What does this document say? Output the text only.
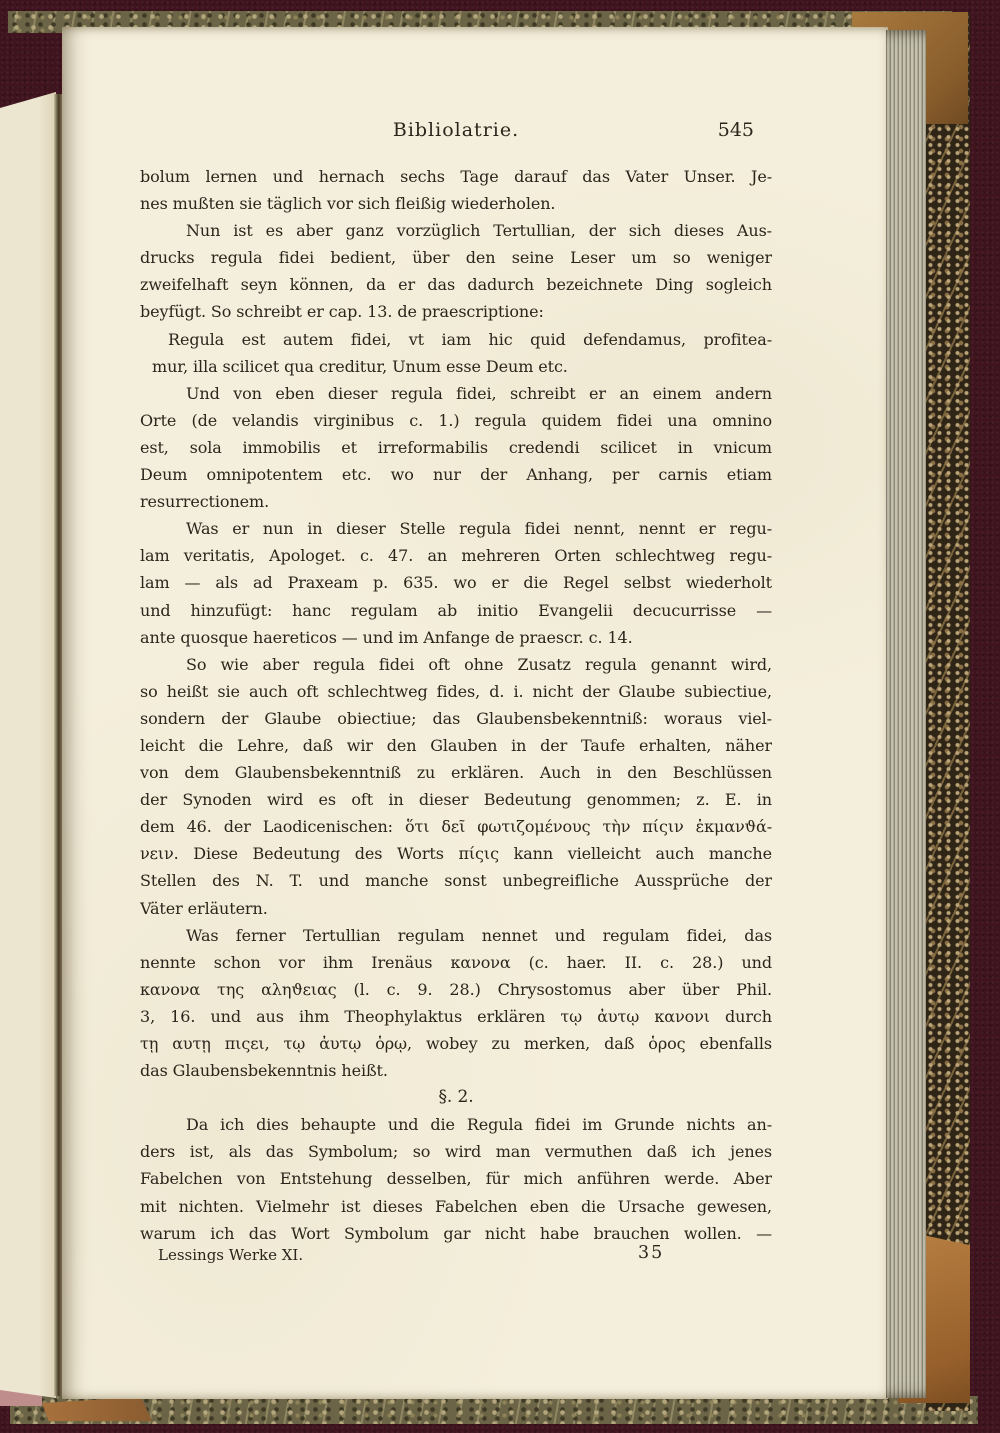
Bibliolatrie.	545
bolum lernen und hernach sechs Tage darauf das Vater Unser. Je-
nes mußten sie täglich vor sich fleißig wiederholen.
Nun ist es aber ganz vorzüglich Tertullian, der sich dieses Aus-
drucks regula fidei bedient, über den seine Leser um so weniger
zweifelhaft seyn können, da er das dadurch bezeichnete Ding sogleich
beyfügt. So schreibt er cap. 13. de praescriptione:
Regula est autem fidei, vt iam hic quid defendamus, profitea-
mur, illa scilicet qua creditur, Unum esse Deum etc.
Und von eben dieser regula fidei, schreibt er an einem andern
Orte (de velandis virginibus c. 1.) regula quidem fidei una omnino
est, sola immobilis et irreformabilis credendi scilicet in vnicum
Deum omnipotentem etc. wo nur der Anhang, per carnis etiam
resurrectionem.
Was er nun in dieser Stelle regula fidei nennt, nennt er regu-
lam veritatis, Apologet. c. 47. an mehreren Orten schlechtweg regu-
lam — als ad Praxeam p. 635. wo er die Regel selbst wiederholt
und hinzufügt: hanc regulam ab initio Evangelii decucurrisse —
ante quosque haereticos — und im Anfange de praescr. c. 14.
So wie aber regula fidei oft ohne Zusatz regula genannt wird,
so heißt sie auch oft schlechtweg fides, d. i. nicht der Glaube subiectiue,
sondern der Glaube obiectiue; das Glaubensbekenntniß: woraus viel-
leicht die Lehre, daß wir den Glauben in der Taufe erhalten, näher
von dem Glaubensbekenntniß zu erklären. Auch in den Beschlüssen
der Synoden wird es oft in dieser Bedeutung genommen; z. E. in
dem 46. der Laodicenischen: ὅτι δεῖ φωτιζομένους τὴν πίςιν ἐκμανϑά-
νειν. Diese Bedeutung des Worts πίςις kann vielleicht auch manche
Stellen des N. T. und manche sonst unbegreifliche Aussprüche der
Väter erläutern.
Was ferner Tertullian regulam nennet und regulam fidei, das
nennte schon vor ihm Irenäus κανονα (c. haer. II. c. 28.) und
κανονα της αληϑειας (l. c. 9. 28.) Chrysostomus aber über Phil.
3, 16. und aus ihm Theophylaktus erklären τῳ ἀυτῳ κανονι durch
τῃ αυτῃ πιςει, τῳ ἀυτῳ ὁρῳ, wobey zu merken, daß ὁρος ebenfalls
das Glaubensbekenntnis heißt.
§. 2.
Da ich dies behaupte und die Regula fidei im Grunde nichts an-
ders ist, als das Symbolum; so wird man vermuthen daß ich jenes
Fabelchen von Entstehung desselben, für mich anführen werde. Aber
mit nichten. Vielmehr ist dieses Fabelchen eben die Ursache gewesen,
warum ich das Wort Symbolum gar nicht habe brauchen wollen. —
Lessings Werke XI.	35
